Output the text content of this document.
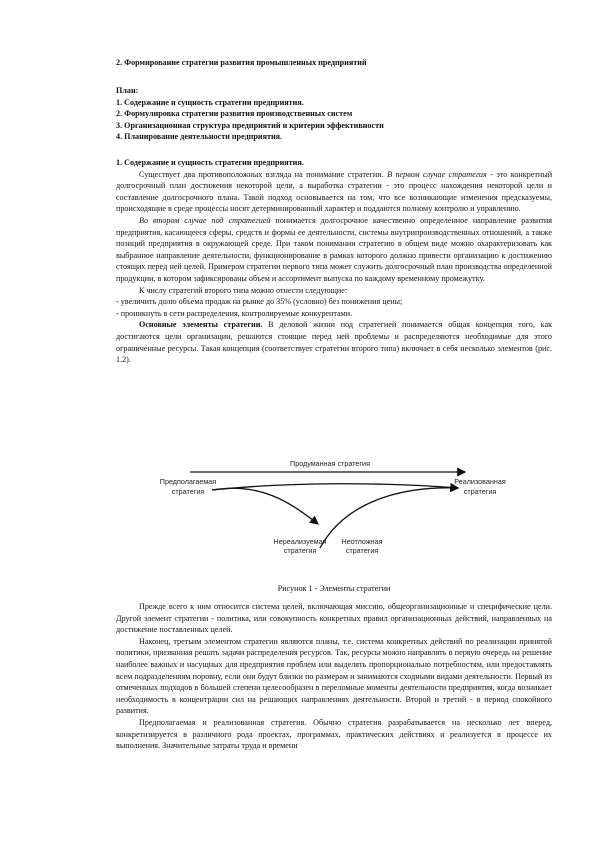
2. Формирование стратегии развития промышленных предприятий

План:

1. Содержание и сущность стратегии предприятия.

2. Формулировка стратегии развития производственных систем

3. Организационная структура предприятий и критерии эффективности

4. Планирование деятельности предприятия.

1. Содержание и сущность стратегии предприятия.

Существует два противоположных взгляда на понимание стратегии. В первом случае стратегия - это конкретный долгосрочный план достижения некоторой цели, а выработка стратегии - это процесс нахождения некоторой цели и составление долгосрочного плана. Такой подход основывается на том, что все возникающие изменения предсказуемы, происходящие в среде процессы носят детерминированный характер и поддаются полному контролю и управлению.

Во втором случае под стратегией понимается долгосрочное качественно определенное направление развития предприятия, касающееся сферы, средств и формы ее деятельности, системы внутрипроизводственных отношений, а также позиций предприятия в окружающей среде. При таком понимании стратегию в общем виде можно охарактеризовать как выбранное направление деятельности, функционирование в рамках которого должно привести организацию к достижению стоящих перед ней целей. Примером стратегии первого типа может служить долгосрочный план производства определенной продукции, в котором зафиксированы объем и ассортимент выпуска по каждому временному промежутку.

К числу стратегий второго типа можно отнести следующие:

- увеличить долю объема продаж на рынке до 35% (условно) без понижения цены;

- проникнуть в сети распределения, контролируемые конкурентами.

Основные элементы стратегии. В деловой жизни под стратегией понимается общая концепция того, как достигаются цели организации, решаются стоящие перед ней проблемы и распределяются необходимые для этого ограниченные ресурсы. Такая концепция (соответствует стратегии второго типа) включает в себя несколько элементов (рис. 1.2).

Продуманная стратегия
Предполагаемая
стратегия
Реализованная
стратегия
Нереализуемая
стратегия
Неотложная
стратегия
Рисунок 1 - Элементы стратегии

Прежде всего к ним относится система целей, включающая миссию, общеорганизационные и специфические цели. Другой элемент стратегии - политика, или совокупность конкретных правил организационных действий, направленных на достижение поставленных целей.

Наконец, третьим элементом стратегии являются планы, т.е. система конкретных действий по реализации принятой политики, призванная решать задачи распределения ресурсов. Так, ресурсы можно направлять в первую очередь на решение наиболее важных и насущных для предприятия проблем или выделять пропорционально потребностям, или предоставлять всем подразделениям поровну, если они будут близки по размерам и занимаются сходными видами деятельности. Первый из отмеченных подходов в большей степени целесообразен в переломные моменты деятельности предприятия, когда возникает необходимость в концентрации сил на решающих направлениях деятельности. Второй и третий - в период спокойного развития.

Предполагаемая и реализованная стратегия. Обычно стратегия разрабатывается на несколько лет вперед, конкретизируется в различного рода проектах, программах, практических действиях и реализуется в процессе их выполнения. Значительные затраты труда и времени
